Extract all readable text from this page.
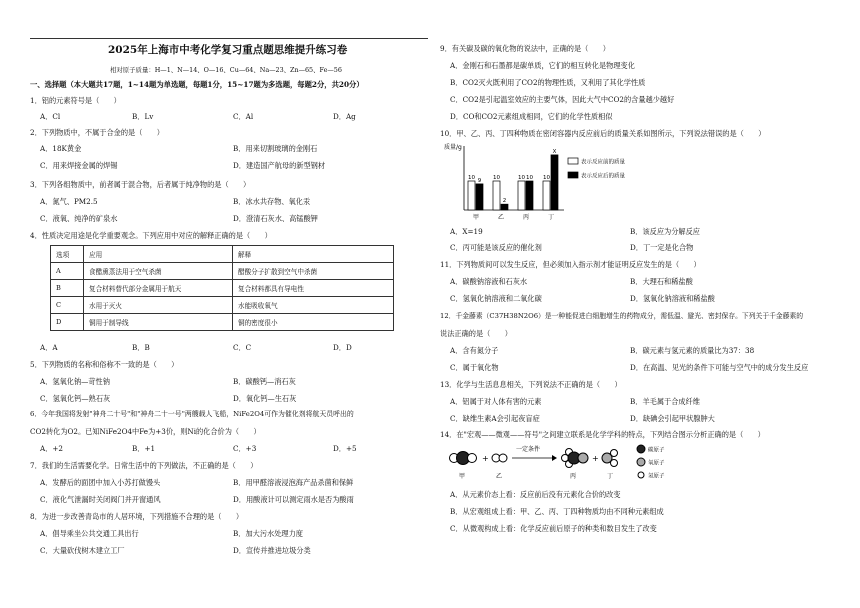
2025年上海市中考化学复习重点题思维提升练习卷
相对原子质量：H—1、N—14、O—16、Cu—64、Na—23、Zn—65、Fe—56
一、选择题（本大题共17题，1~14题为单选题，每题1分，15~17题为多选题，每题2分，共20分）
1．铝的元素符号是（　　）
A．Cl	B．Lv	C．Al	D．Ag
2．下列物质中，不属于合金的是（　　）
A．18K黄金	B．用来切割玻璃的金刚石
C．用来焊接金属的焊锡	D．建造国产航母的新型钢材
3．下列各组物质中，前者属于混合物，后者属于纯净物的是（　　）
A．氮气、PM2.5	B．冰水共存物、氧化汞
C．液氧、纯净的矿泉水	D．澄清石灰水、高锰酸钾
4．性质决定用途是化学重要观念。下列应用中对应的解释正确的是（　　）
选项	应用	解释
A	食醋熏蒸法用于空气杀菌	醋酸分子扩散到空气中杀菌
B	复合材料替代部分金属用于航天	复合材料都具有导电性
C	水用于灭火	水能吸收氧气
D	铜用于制导线	铜的密度很小
A．A	B．B	C．C	D．D
5．下列物质的名称和俗称不一致的是（　　）
A．氢氧化钠—苛性钠	B．碳酸钙—消石灰
C．氢氧化钙—熟石灰	D．氧化钙—生石灰
6．今年我国将发射"神舟二十号"和"神舟二十一号"两艘载人飞船，NiFe2O4可作为催化剂将航天员呼出的
CO2转化为O2。已知NiFe2O4中Fe为+3价，则Ni的化合价为（　　）
A．+2	B．+1	C．+3	D．+5
7．我们的生活需要化学。日常生活中的下列做法，不正确的是（　　）
A．发酵后的面团中加入小苏打做馒头	B．用甲醛溶液浸泡海产品杀菌和保鲜
C．液化气泄漏时关闭阀门并开窗通风	D．用酸液计可以测定雨水是否为酸雨
8．为进一步改善青岛市的人居环境，下列措施不合理的是（　　）
A．倡导乘坐公共交通工具出行	B．加大污水处理力度
C．大量砍伐树木建立工厂	D．宣传并推进垃圾分类
9．有关碳及碳的氧化物的说法中，正确的是（　　）
A．金刚石和石墨都是碳单质，它们的相互转化是物理变化
B．CO2灭火既利用了CO2的物理性质，又利用了其化学性质
C．CO2是引起温室效应的主要气体，因此大气中CO2的含量越少越好
D．CO和CO2元素组成相同，它们的化学性质相似
10．甲、乙、丙、丁四种物质在密闭容器内反应前后的质量关系如图所示，下列说法错误的是（　　）
质量/g
10 9
甲
10
2
乙
10 10
丙
10
X
丁
表示反应前的质量
表示反应后的质量
A．X=19	B．该反应为分解反应
C．丙可能是该反应的催化剂	D．丁一定是化合物
11．下列物质间可以发生反应，但必须加入指示剂才能证明反应发生的是（　　）
A．碳酸钠溶液和石灰水	B．大理石和稀盐酸
C．氢氧化钠溶液和二氧化碳	D．氢氧化钠溶液和稀盐酸
12．千金藤素（C37H38N2O6）是一种能促进白细胞增生的药物成分，需低温、避光、密封保存。下列关于千金藤素的
说法正确的是（　　）
A．含有氮分子	B．碳元素与氢元素的质量比为37：38
C．属于氧化物	D．在高温、见光的条件下可能与空气中的成分发生反应
13．化学与生活息息相关，下列说法不正确的是（　　）
A．铝属于对人体有害的元素	B．羊毛属于合成纤维
C．缺维生素A会引起夜盲症	D．缺碘会引起甲状腺肿大
14．在"宏观——微观——符号"之间建立联系是化学学科的特点，下列结合图示分析正确的是（　　）
+
一定条件
+
碳原子
氧原子
氢原子
甲	乙	丙	丁
A．从元素价态上看：反应前后没有元素化合价的改变
B．从宏观组成上看：甲、乙、丙、丁四种物质均由不同种元素组成
C．从微观构成上看：化学反应前后原子的种类和数目发生了改变
